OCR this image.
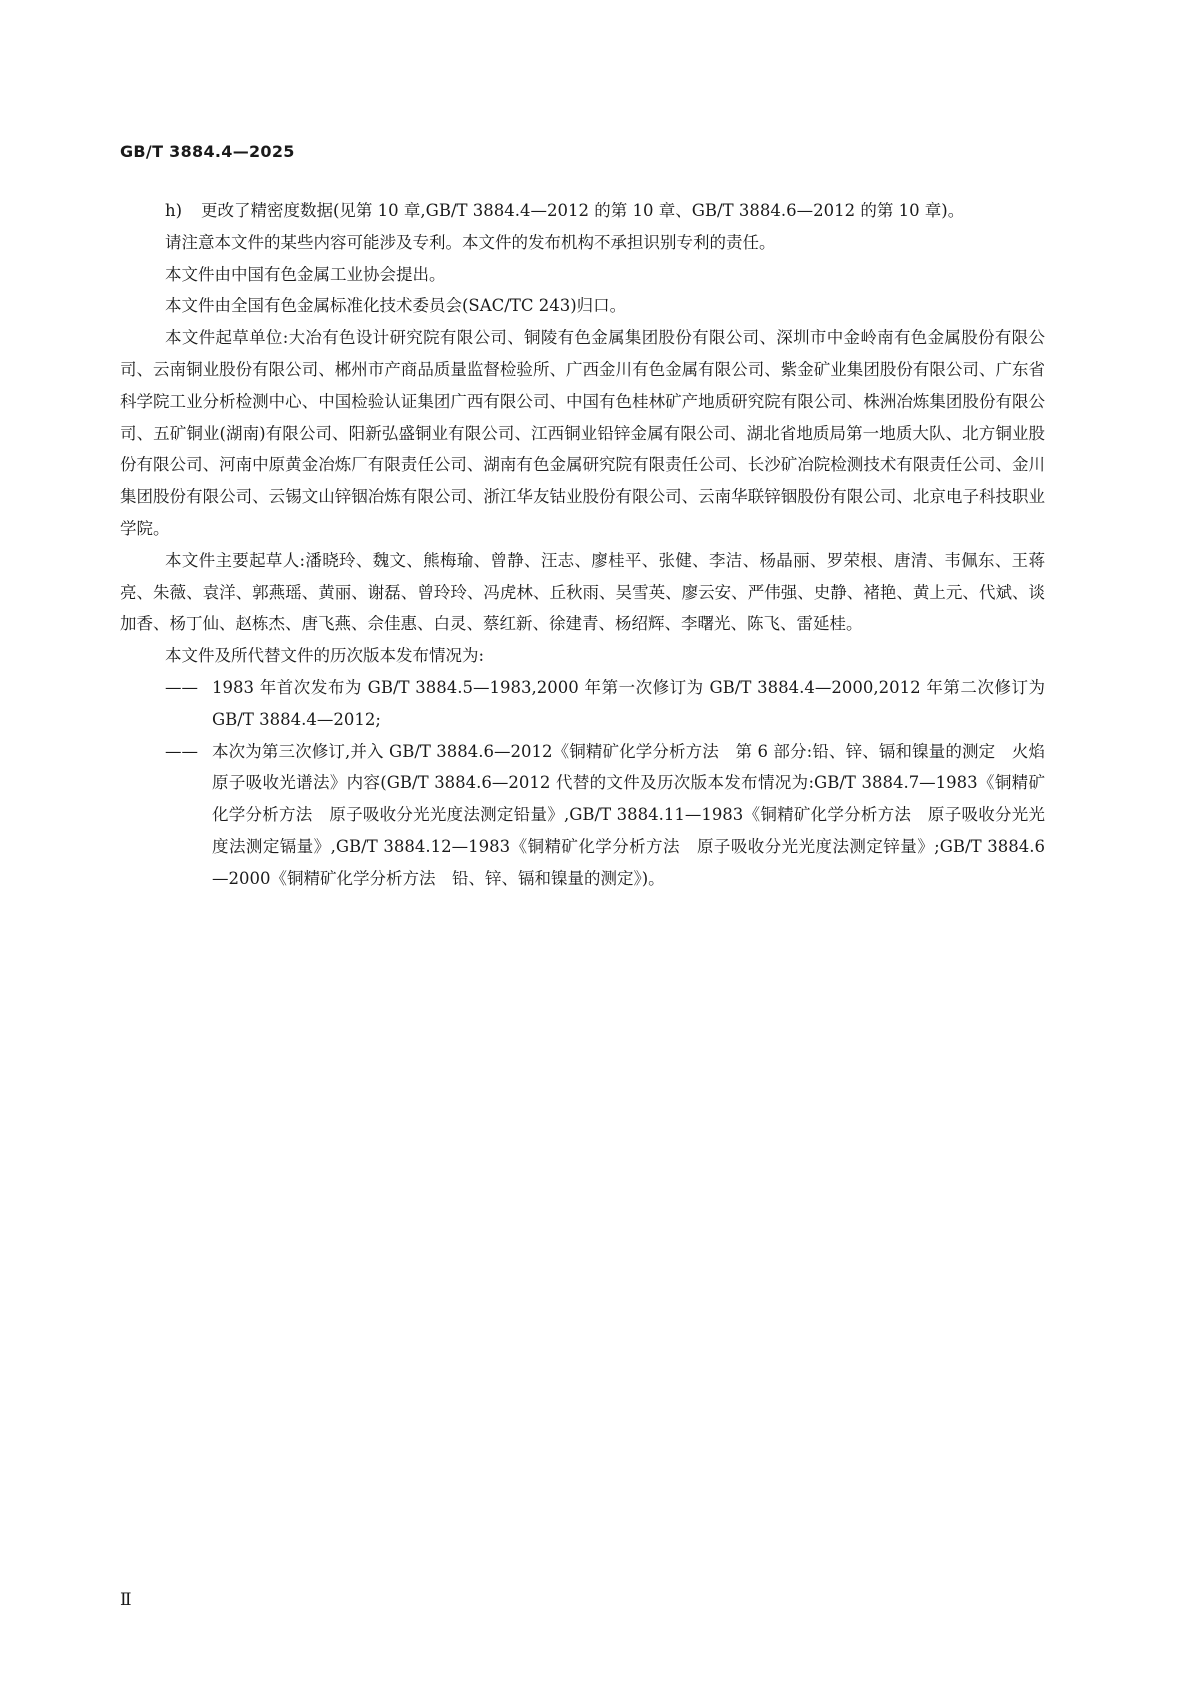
GB/T 3884.4—2025
h)	更改了精密度数据(见第 10 章,GB/T 3884.4—2012 的第 10 章、GB/T 3884.6—2012 的第 10 章)。

请注意本文件的某些内容可能涉及专利。本文件的发布机构不承担识别专利的责任。

本文件由中国有色金属工业协会提出。

本文件由全国有色金属标准化技术委员会(SAC/TC 243)归口。

本文件起草单位:大冶有色设计研究院有限公司、铜陵有色金属集团股份有限公司、深圳市中金岭南有色金属股份有限公司、云南铜业股份有限公司、郴州市产商品质量监督检验所、广西金川有色金属有限公司、紫金矿业集团股份有限公司、广东省科学院工业分析检测中心、中国检验认证集团广西有限公司、中国有色桂林矿产地质研究院有限公司、株洲冶炼集团股份有限公司、五矿铜业(湖南)有限公司、阳新弘盛铜业有限公司、江西铜业铅锌金属有限公司、湖北省地质局第一地质大队、北方铜业股份有限公司、河南中原黄金冶炼厂有限责任公司、湖南有色金属研究院有限责任公司、长沙矿冶院检测技术有限责任公司、金川集团股份有限公司、云锡文山锌铟冶炼有限公司、浙江华友钴业股份有限公司、云南华联锌铟股份有限公司、北京电子科技职业学院。

本文件主要起草人:潘晓玲、魏文、熊梅瑜、曾静、汪志、廖桂平、张健、李洁、杨晶丽、罗荣根、唐清、韦佩东、王蒋亮、朱薇、袁洋、郭燕瑶、黄丽、谢磊、曾玲玲、冯虎林、丘秋雨、吴雪英、廖云安、严伟强、史静、褚艳、黄上元、代斌、谈加香、杨丁仙、赵栋杰、唐飞燕、佘佳惠、白灵、蔡红新、徐建青、杨绍辉、李曙光、陈飞、雷延桂。

本文件及所代替文件的历次版本发布情况为:

—— 1983 年首次发布为 GB/T 3884.5—1983,2000 年第一次修订为 GB/T 3884.4—2000,2012 年第二次修订为 GB/T 3884.4—2012;
—— 本次为第三次修订,并入 GB/T 3884.6—2012《铜精矿化学分析方法　第 6 部分:铅、锌、镉和镍量的测定　火焰原子吸收光谱法》内容(GB/T 3884.6—2012 代替的文件及历次版本发布情况为:GB/T 3884.7—1983《铜精矿化学分析方法　原子吸收分光光度法测定铅量》,GB/T 3884.11—1983《铜精矿化学分析方法　原子吸收分光光度法测定镉量》,GB/T 3884.12—1983《铜精矿化学分析方法　原子吸收分光光度法测定锌量》;GB/T 3884.6—2000《铜精矿化学分析方法　铅、锌、镉和镍量的测定》)。
Ⅱ
